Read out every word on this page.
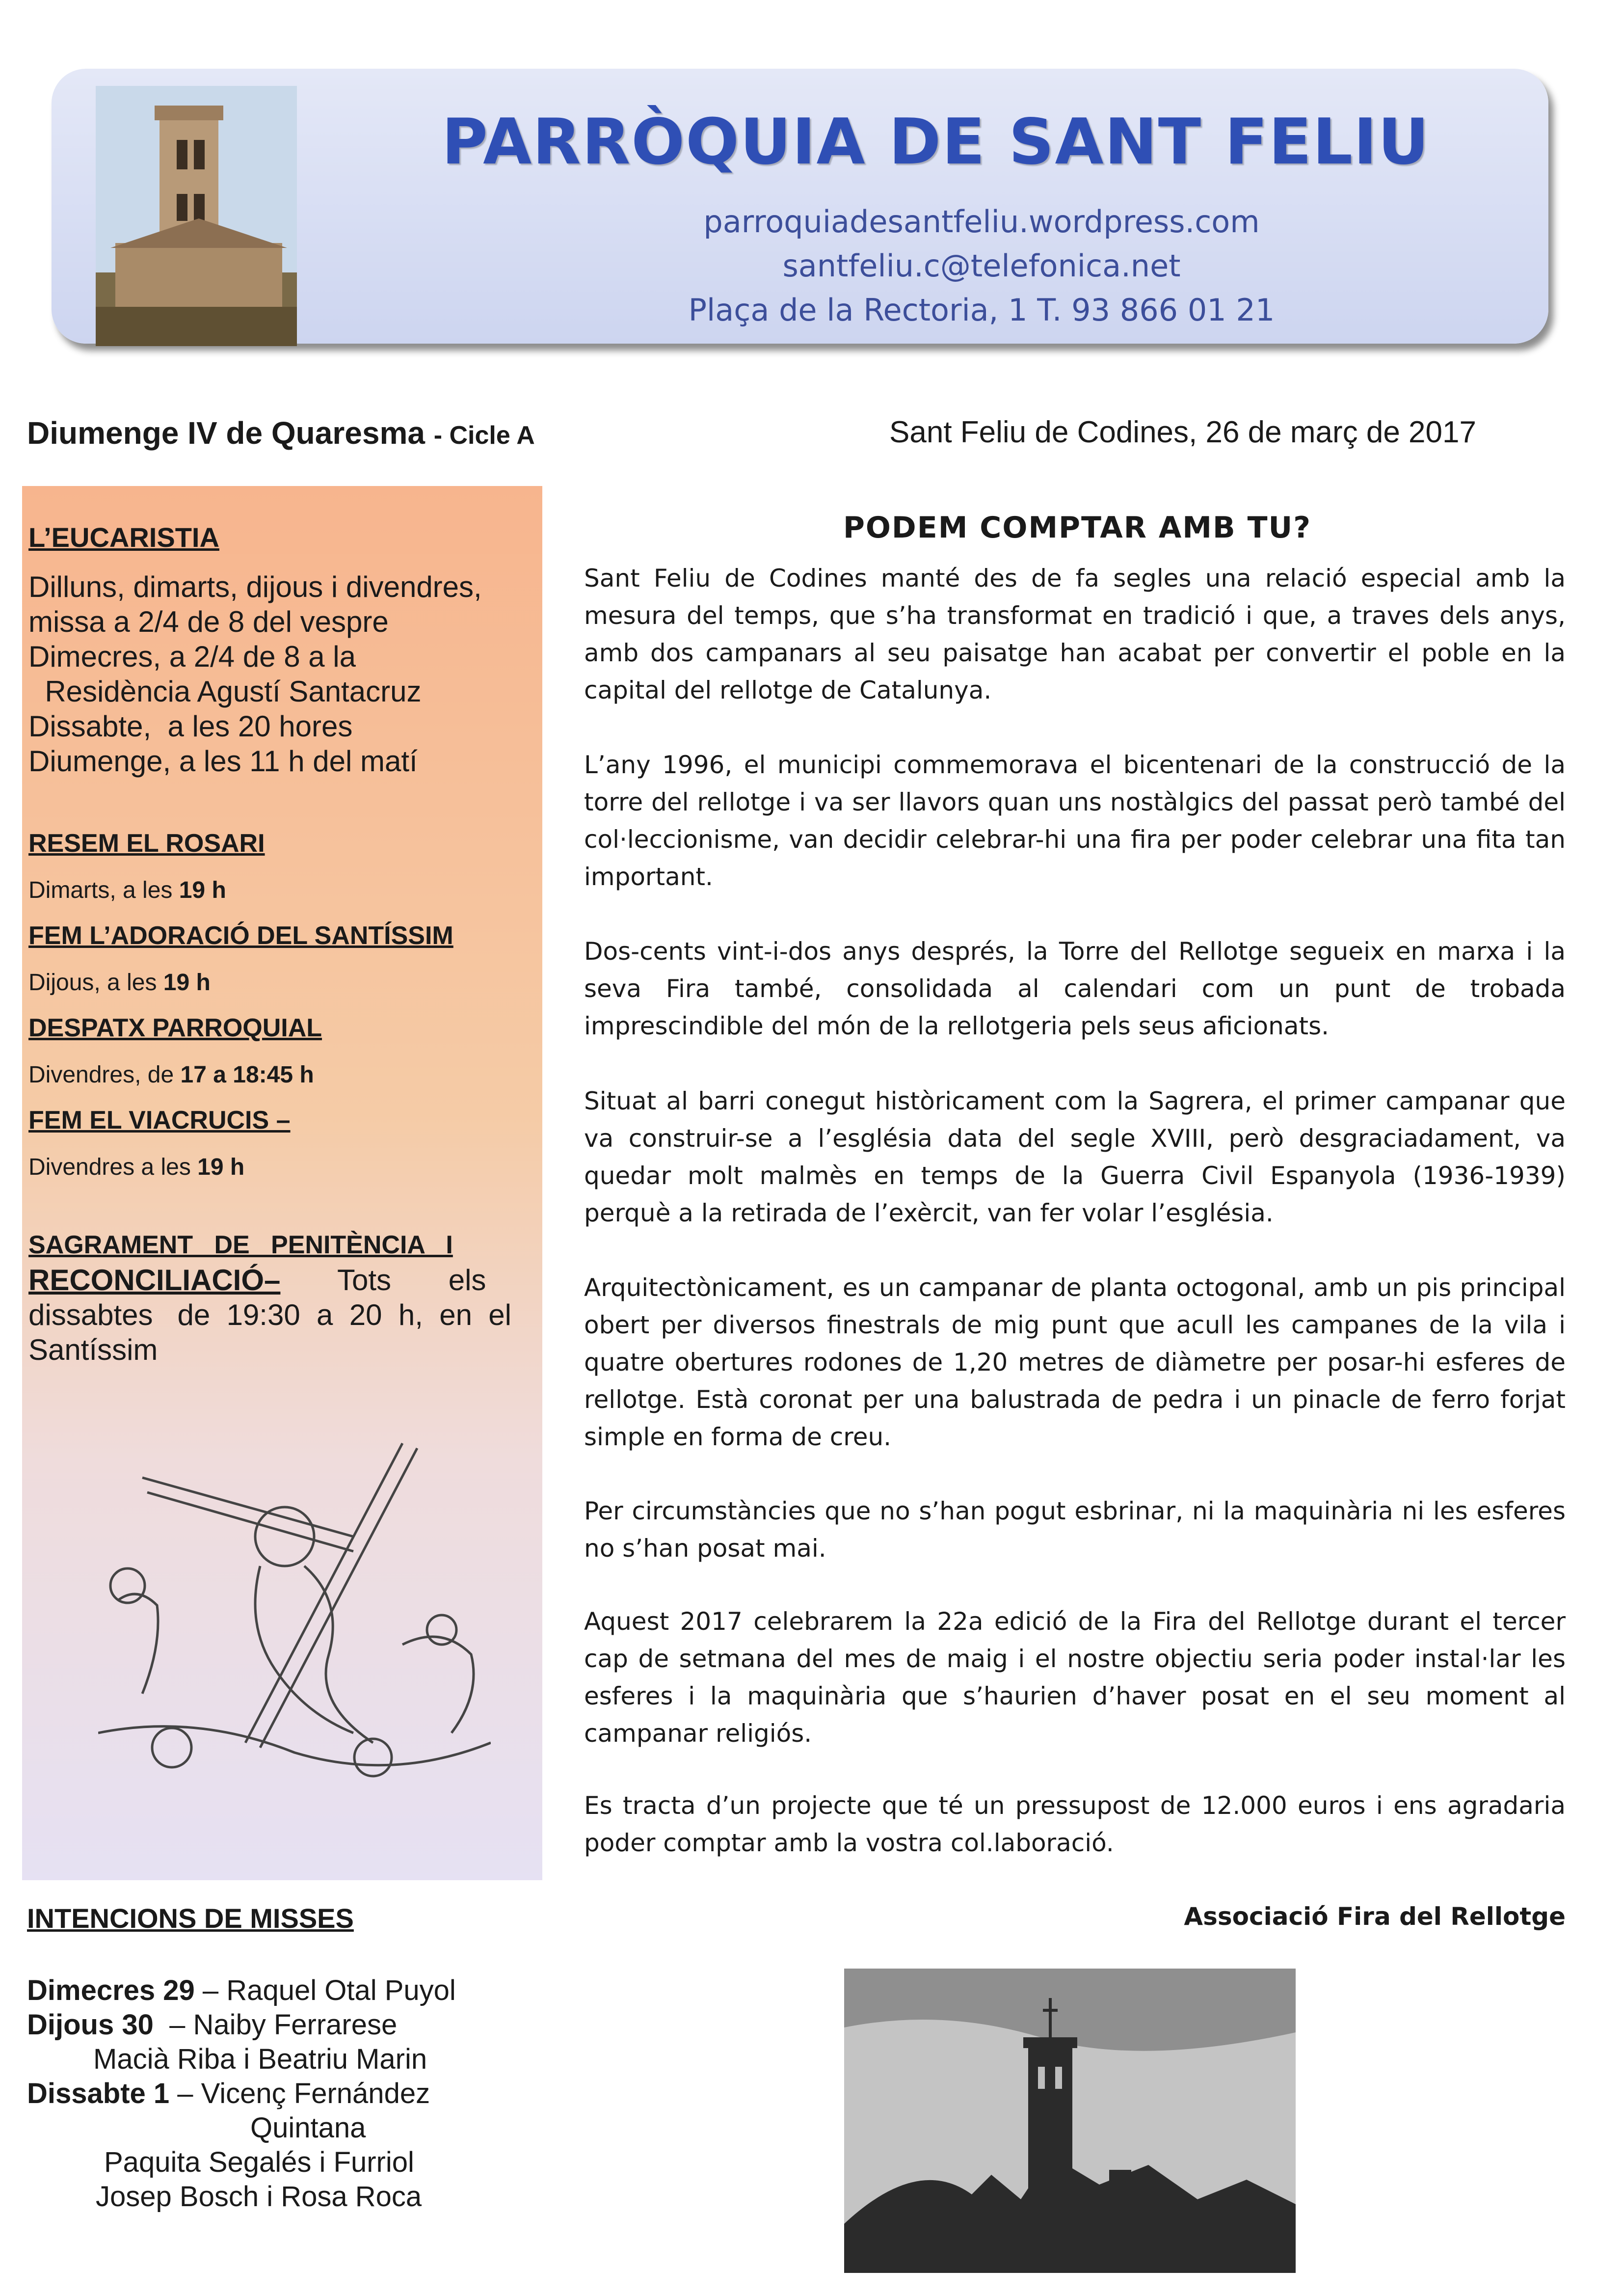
PARRÒQUIA DE SANT FELIU
parroquiadesantfeliu.wordpress.com
santfeliu.c@telefonica.net
Plaça de la Rectoria, 1 T. 93 866 01 21
Diumenge IV de Quaresma - Cicle A	Sant Feliu de Codines, 26 de març de 2017
L’EUCARISTIA
Dilluns, dimarts, dijous i divendres,
missa a 2/4 de 8 del vespre
Dimecres, a 2/4 de 8 a la
Residència Agustí Santacruz
Dissabte,  a les 20 hores
Diumenge, a les 11 h del matí
RESEM EL ROSARI
Dimarts, a les 19 h
FEM L’ADORACIÓ DEL SANTÍSSIM
Dijous, a les 19 h
DESPATX PARROQUIAL
Divendres, de 17 a 18:45 h
FEM EL VIACRUCIS –
Divendres a les 19 h
SAGRAMENT   DE   PENITÈNCIA   I
RECONCILIACIÓ–       Tots       els
dissabtes   de  19:30  a  20  h,  en  el
Santíssim
INTENCIONS DE MISSES
Dimecres 29 – Raquel Otal Puyol
Dijous 30  – Naiby Ferrarese
Macià Riba i Beatriu Marin
Dissabte 1 – Vicenç Fernández
Quintana
Paquita Segalés i Furriol
Josep Bosch i Rosa Roca
PODEM COMPTAR AMB TU?
Sant Feliu de Codines manté des de fa segles una relació especial amb la mesura del temps, que s’ha transformat en tradició i que, a traves dels anys, amb dos campanars al seu paisatge han acabat per convertir el poble en la capital del rellotge de Catalunya.
L’any 1996, el municipi commemorava el bicentenari de la construcció de la torre del rellotge i va ser llavors quan uns nostàlgics del passat però també del col·leccionisme, van decidir celebrar-hi una fira per poder celebrar una fita tan important.
Dos-cents vint-i-dos anys després, la Torre del Rellotge segueix en marxa i la seva Fira també, consolidada al calendari com un punt de trobada imprescindible del món de la rellotgeria pels seus aficionats.
Situat al barri conegut històricament com la Sagrera, el primer campanar que va construir-se a l’església data del segle XVIII, però desgraciadament, va quedar molt malmès en temps de la Guerra Civil Espanyola (1936-1939) perquè a la retirada de l’exèrcit, van fer volar l’església.
Arquitectònicament, es un campanar de planta octogonal, amb un pis principal obert per diversos finestrals de mig punt que acull les campanes de la vila i quatre obertures rodones de 1,20 metres de diàmetre per posar-hi esferes de rellotge. Està coronat per una balustrada de pedra i un pinacle de ferro forjat simple en forma de creu.
Per circumstàncies que no s’han pogut esbrinar, ni la maquinària ni les esferes no s’han posat mai.
Aquest 2017 celebrarem la 22a edició de la Fira del Rellotge durant el tercer cap de setmana del mes de maig i el nostre objectiu seria poder instal·lar les esferes i la maquinària que s’haurien d’haver posat en el seu moment al campanar religiós.
Es tracta d’un projecte que té un pressupost de 12.000 euros i ens agradaria poder comptar amb la vostra col.laboració.
Associació Fira del Rellotge
